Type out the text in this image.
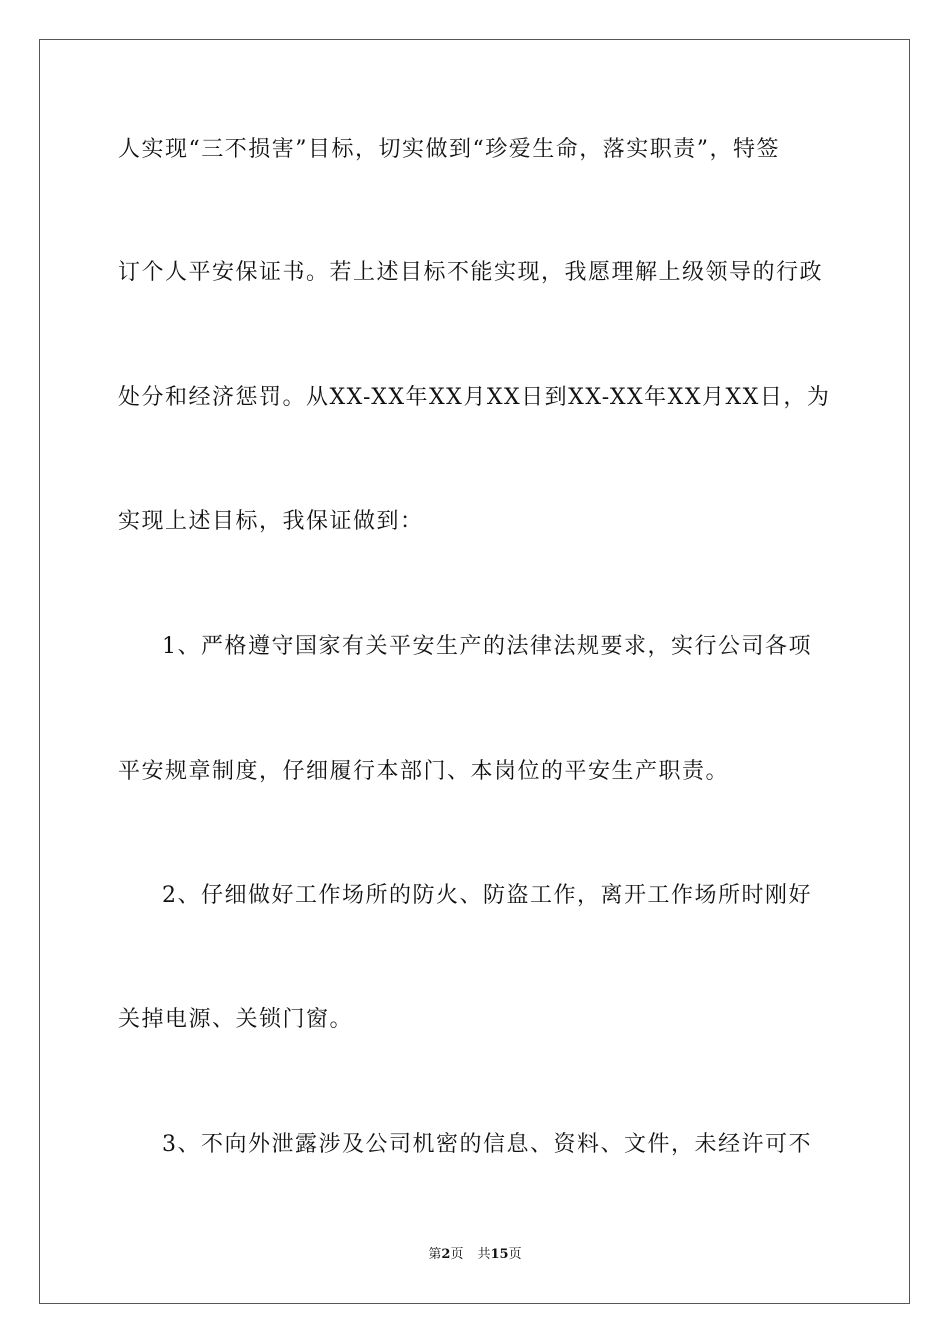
人实现“三不损害”目标，切实做到“珍爱生命，落实职责”，特签
订个人平安保证书。若上述目标不能实现，我愿理解上级领导的行政
处分和经济惩罚。从XX-XX年XX月XX日到XX-XX年XX月XX日，为
实现上述目标，我保证做到：
1、严格遵守国家有关平安生产的法律法规要求，实行公司各项
平安规章制度，仔细履行本部门、本岗位的平安生产职责。
2、仔细做好工作场所的防火、防盗工作，离开工作场所时刚好
关掉电源、关锁门窗。
3、不向外泄露涉及公司机密的信息、资料、文件，未经许可不
第2页 共15页
